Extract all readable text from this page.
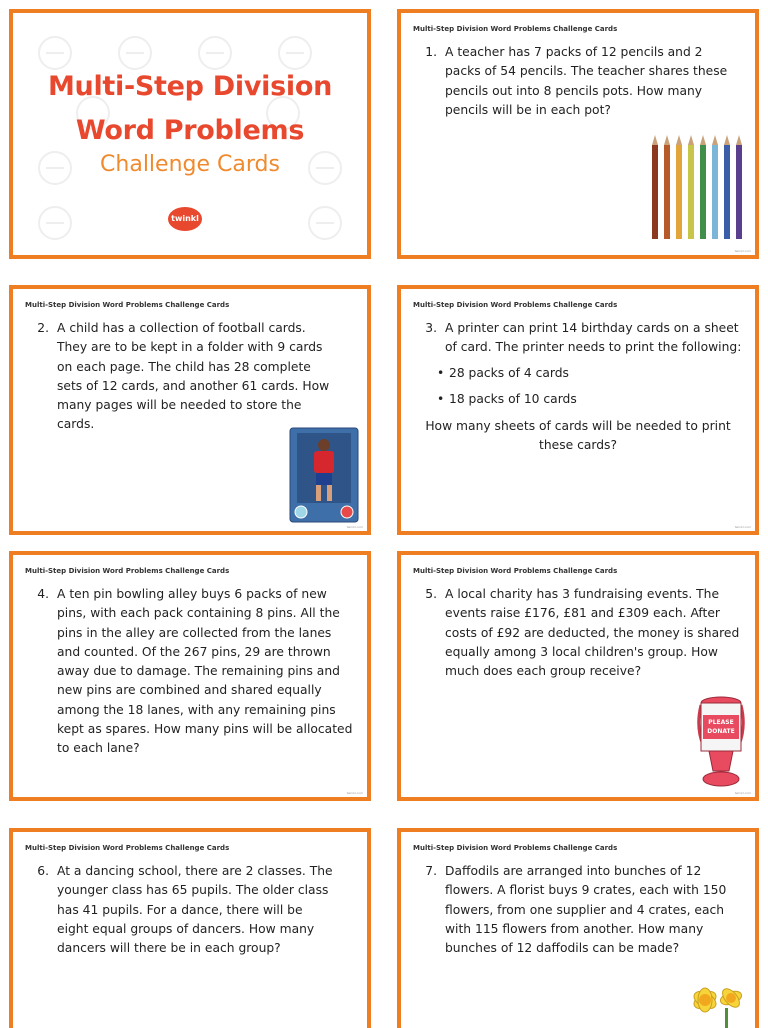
Multi-Step Division
Word Problems
Challenge Cards
twinkl
Multi-Step Division Word Problems Challenge Cards
1. A teacher has 7 packs of 12 pencils and 2 packs of 54 pencils. The teacher shares these pencils out into 8 pencils pots. How many pencils will be in each pot?
twinkl.com
Multi-Step Division Word Problems Challenge Cards
2. A child has a collection of football cards. They are to be kept in a folder with 9 cards on each page. The child has 28 complete sets of 12 cards, and another 61 cards. How many pages will be needed to store the cards.
twinkl.com
Multi-Step Division Word Problems Challenge Cards
3. A printer can print 14 birthday cards on a sheet of card. The printer needs to print the following:
• 28 packs of 4 cards
• 18 packs of 10 cards
How many sheets of cards will be needed to print these cards?
twinkl.com
Multi-Step Division Word Problems Challenge Cards
4. A ten pin bowling alley buys 6 packs of new pins, with each pack containing 8 pins. All the pins in the alley are collected from the lanes and counted. Of the 267 pins, 29 are thrown away due to damage. The remaining pins and new pins are combined and shared equally among the 18 lanes, with any remaining pins kept as spares. How many pins will be allocated to each lane?
twinkl.com
Multi-Step Division Word Problems Challenge Cards
5. A local charity has 3 fundraising events. The events raise £176, £81 and £309 each. After costs of £92 are deducted, the money is shared equally among 3 local children's group. How much does each group receive?
PLEASE
DONATE
twinkl.com
Multi-Step Division Word Problems Challenge Cards
6. At a dancing school, there are 2 classes. The younger class has 65 pupils. The older class has 41 pupils. For a dance, there will be eight equal groups of dancers. How many dancers will there be in each group?
Multi-Step Division Word Problems Challenge Cards
7. Daffodils are arranged into bunches of 12 flowers. A florist buys 9 crates, each with 150 flowers, from one supplier and 4 crates, each with 115 flowers from another. How many bunches of 12 daffodils can be made?
